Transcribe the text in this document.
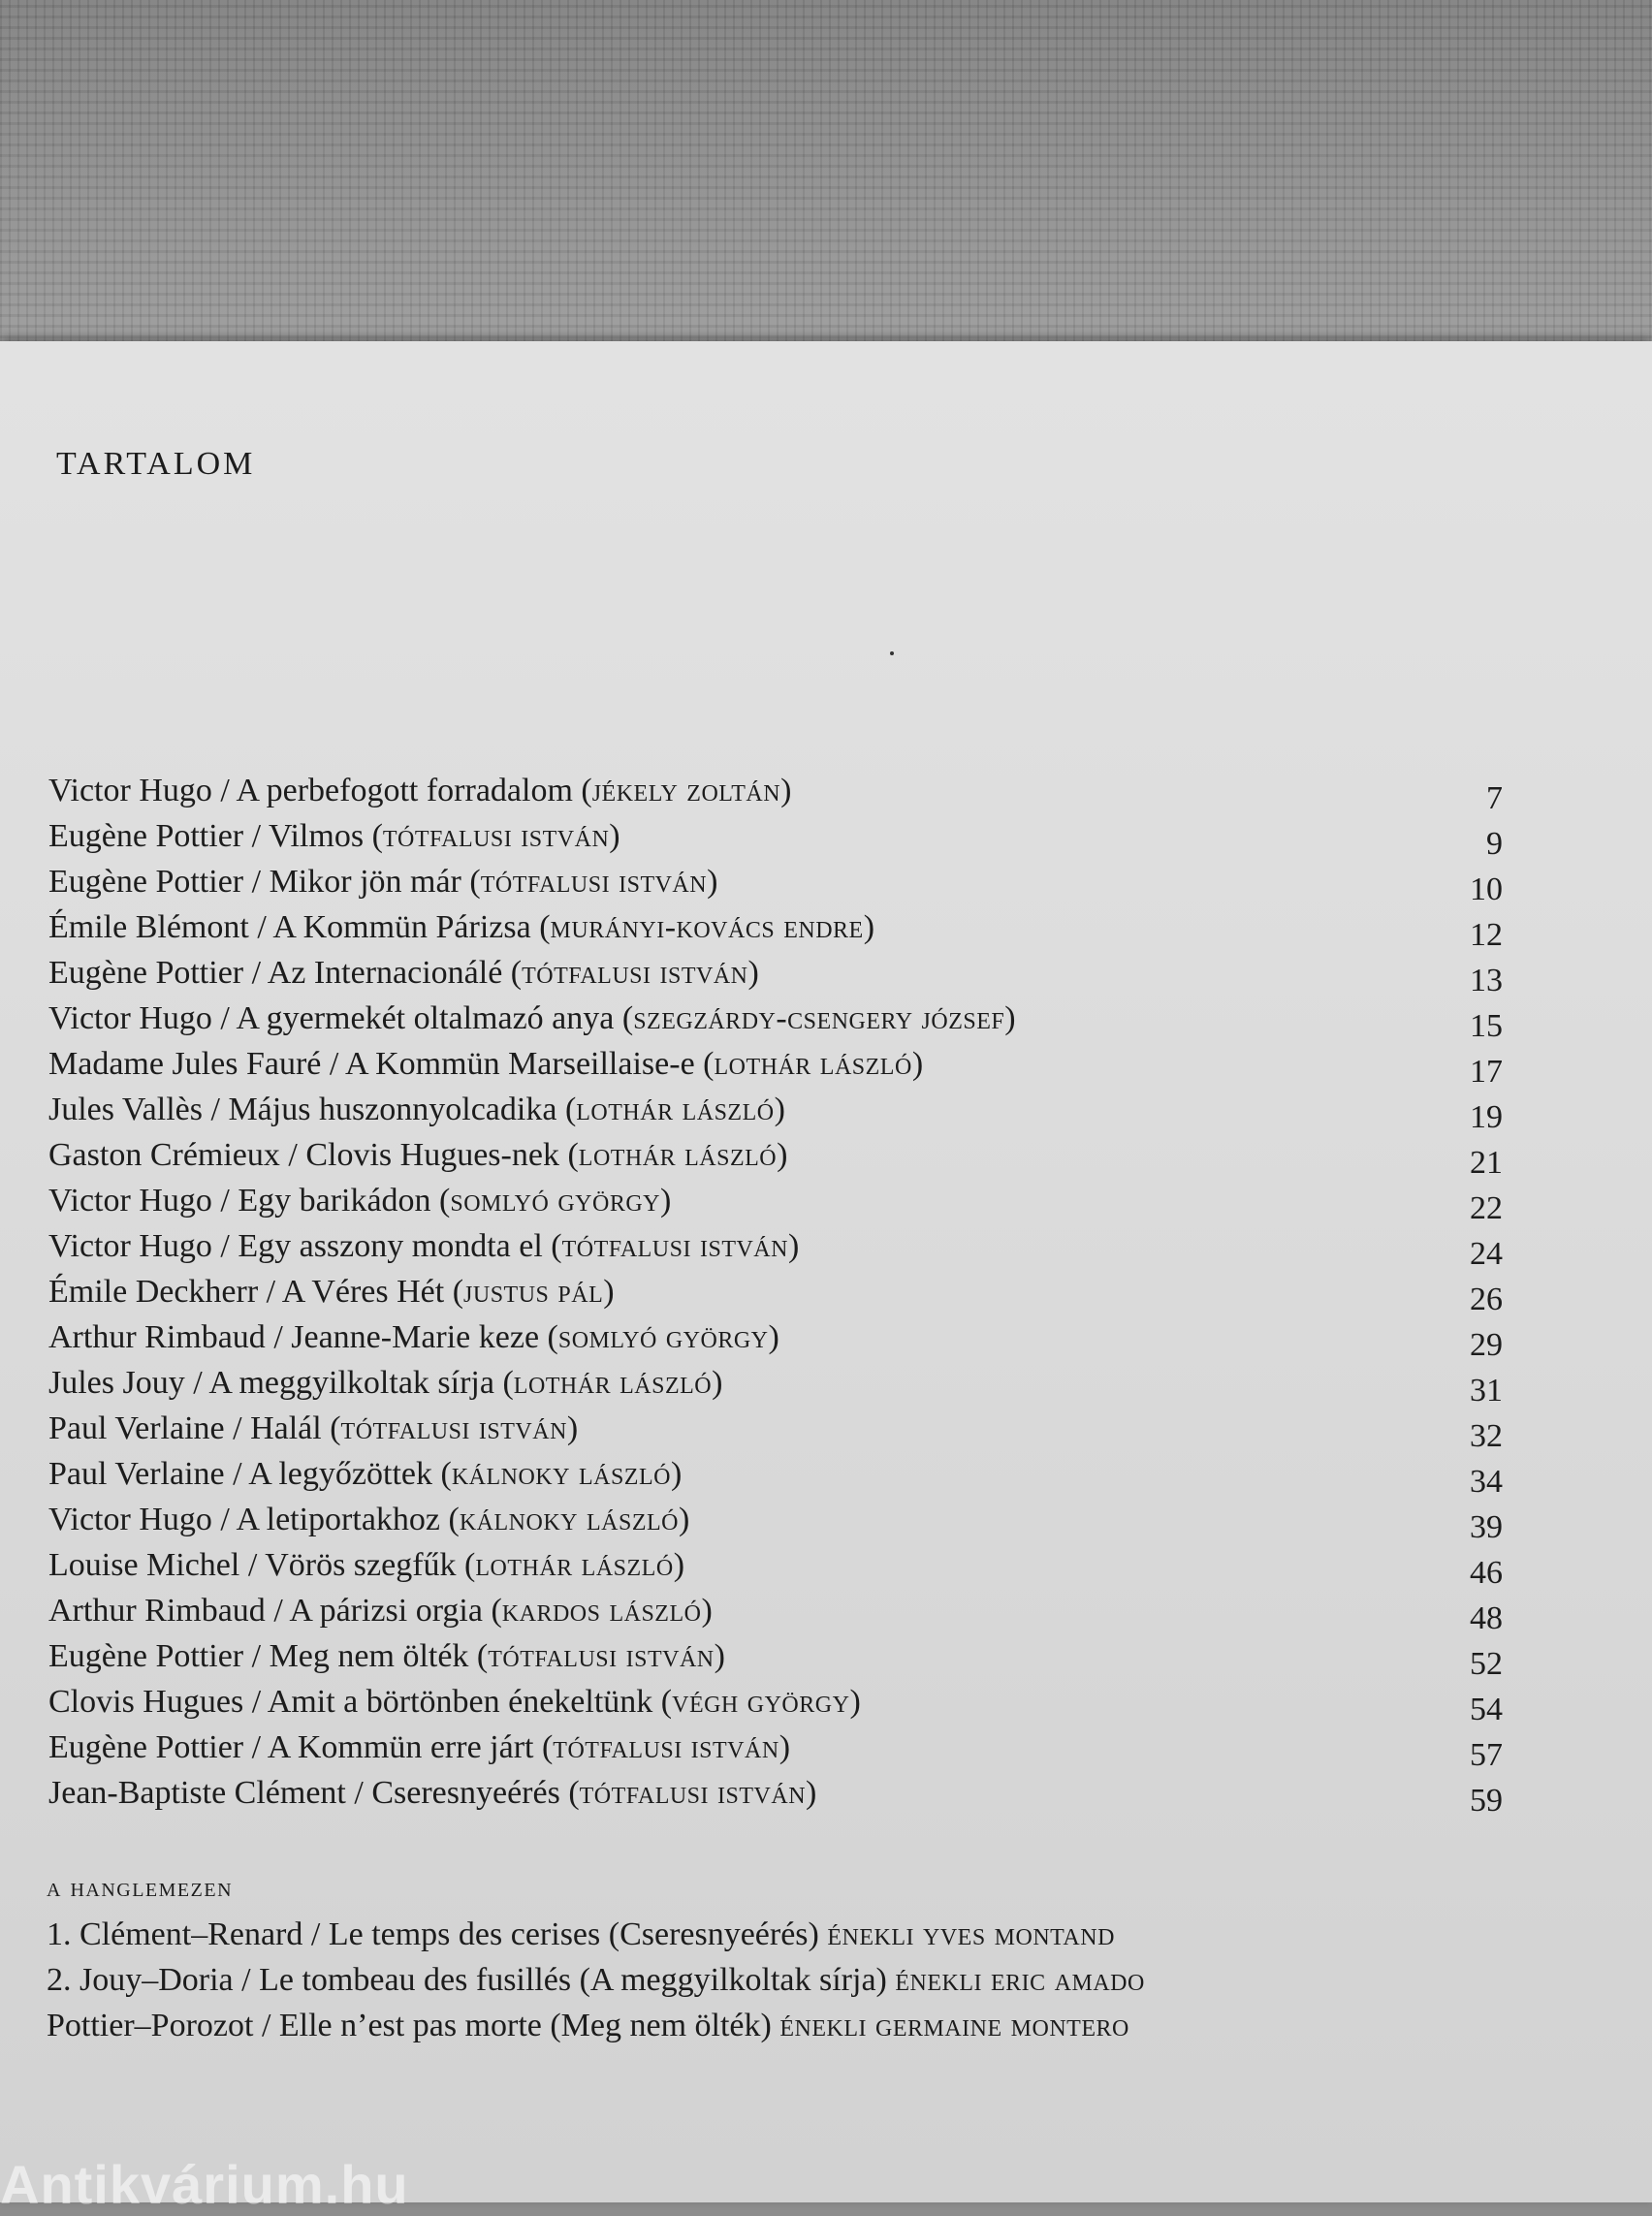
TARTALOM
Victor Hugo / A perbefogott forradalom (jékely zoltán)	7
Eugène Pottier / Vilmos (tótfalusi istván)	9
Eugène Pottier / Mikor jön már (tótfalusi istván)	10
Émile Blémont / A Kommün Párizsa (murányi-kovács endre)	12
Eugène Pottier / Az Internacionálé (tótfalusi istván)	13
Victor Hugo / A gyermekét oltalmazó anya (szegzárdy-csengery józsef)	15
Madame Jules Fauré / A Kommün Marseillaise-e (lothár lászló)	17
Jules Vallès / Május huszonnyolcadika (lothár lászló)	19
Gaston Crémieux / Clovis Hugues-nek (lothár lászló)	21
Victor Hugo / Egy barikádon (somlyó györgy)	22
Victor Hugo / Egy asszony mondta el (tótfalusi istván)	24
Émile Deckherr / A Véres Hét (justus pál)	26
Arthur Rimbaud / Jeanne-Marie keze (somlyó györgy)	29
Jules Jouy / A meggyilkoltak sírja (lothár lászló)	31
Paul Verlaine / Halál (tótfalusi istván)	32
Paul Verlaine / A legyőzöttek (kálnoky lászló)	34
Victor Hugo / A letiportakhoz (kálnoky lászló)	39
Louise Michel / Vörös szegfűk (lothár lászló)	46
Arthur Rimbaud / A párizsi orgia (kardos lászló)	48
Eugène Pottier / Meg nem ölték (tótfalusi istván)	52
Clovis Hugues / Amit a börtönben énekeltünk (végh györgy)	54
Eugène Pottier / A Kommün erre járt (tótfalusi istván)	57
Jean-Baptiste Clément / Cseresnyeérés (tótfalusi istván)	59
a hanglemezen
1. Clément–Renard / Le temps des cerises (Cseresnyeérés) énekli yves montand
2. Jouy–Doria / Le tombeau des fusillés (A meggyilkoltak sírja) énekli eric amado
Pottier–Porozot / Elle n’est pas morte (Meg nem ölték) énekli germaine montero
Antikvárium.hu
